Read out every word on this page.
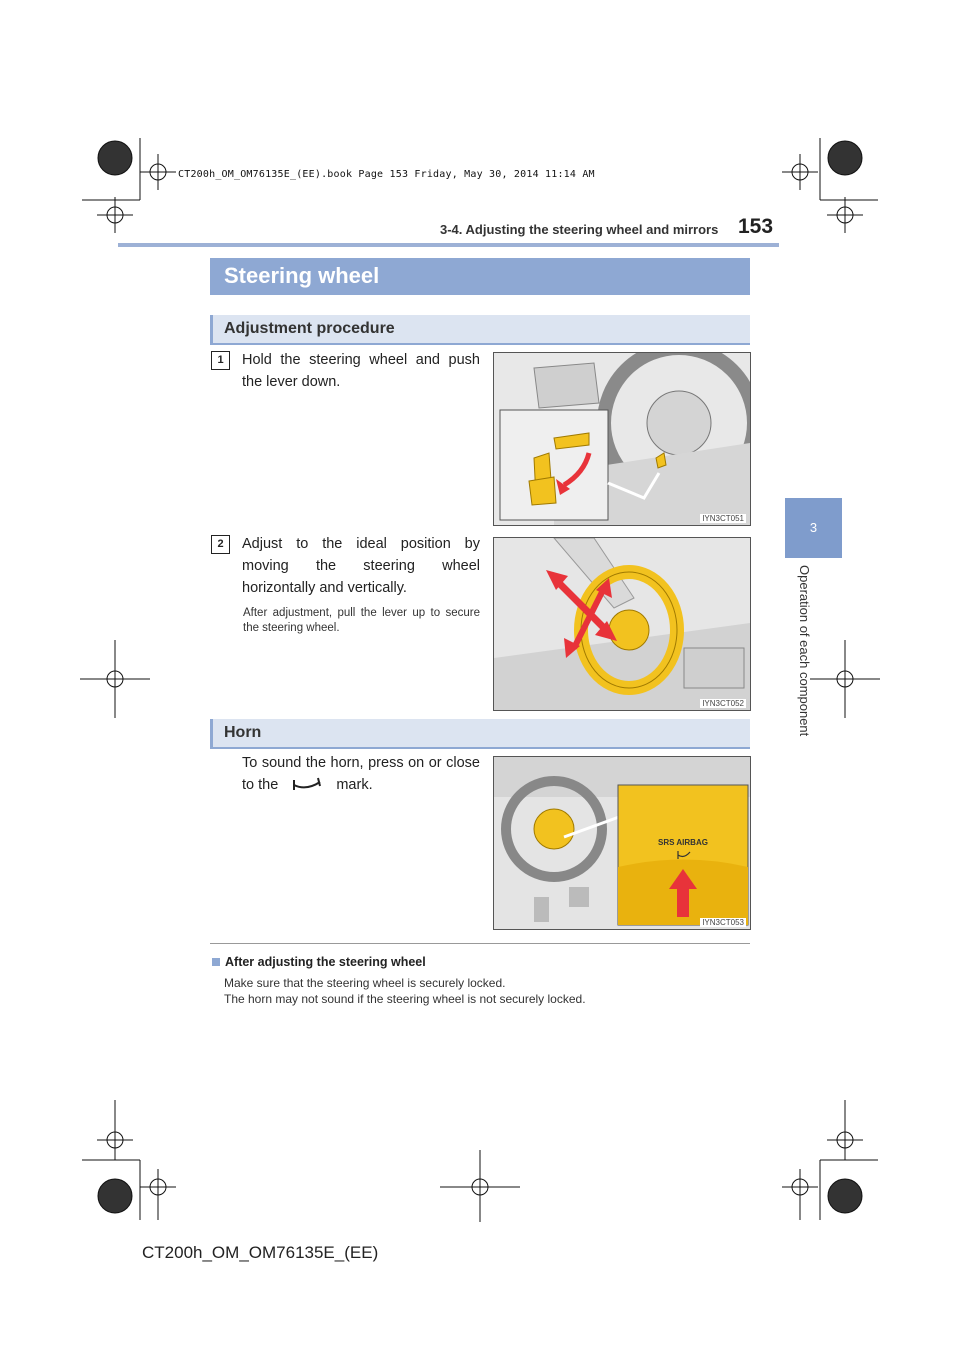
CT200h_OM_OM76135E_(EE).book Page 153 Friday, May 30, 2014 11:14 AM
3-4. Adjusting the steering wheel and mirrors 153
3
Operation of each component
Steering wheel
Adjustment procedure
1	Hold the steering wheel and push the lever down.
IYN3CT051
2	Adjust to the ideal position by moving the steering wheel horizontally and vertically.
After adjustment, pull the lever up to secure the steering wheel.
IYN3CT052
Horn
To sound the horn, press on or close to the	mark.
SRS AIRBAG
IYN3CT053
After adjusting the steering wheel
Make sure that the steering wheel is securely locked.
The horn may not sound if the steering wheel is not securely locked.
CT200h_OM_OM76135E_(EE)
